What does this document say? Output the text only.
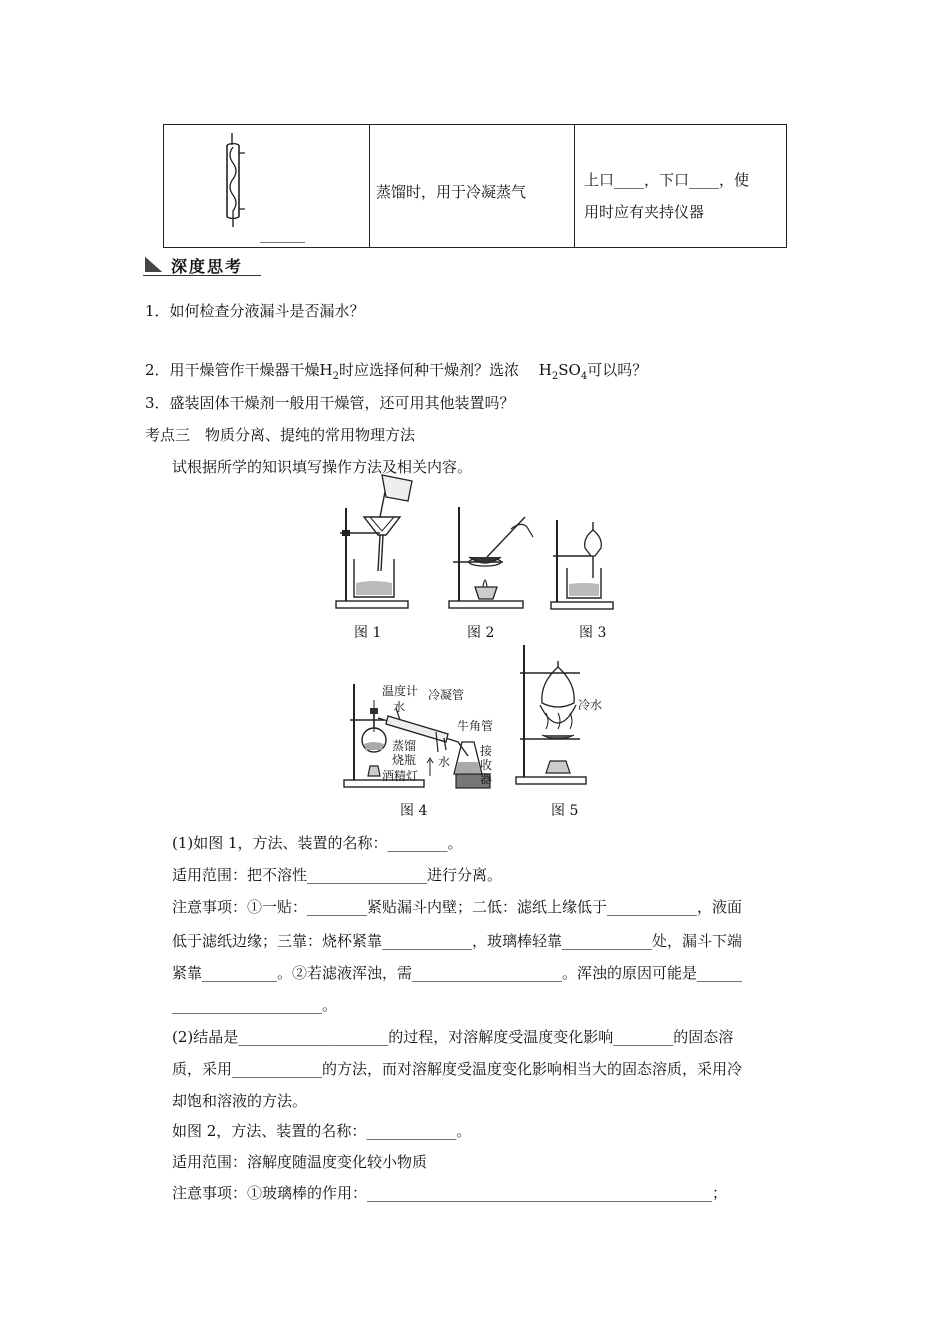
______
蒸馏时，用于冷凝蒸气
上口____，下口____，使
用时应有夹持仪器
深度思考
1．如何检查分液漏斗是否漏水？
2．用干燥管作干燥器干燥$H_2$时应选择何种干燥剂？选浓　 $H_2SO_4$可以吗？
3．盛装固体干燥剂一般用干燥管，还可用其他装置吗？
考点三　物质分离、提纯的常用物理方法
试根据所学的知识填写操作方法及相关内容。
图 1	图 2	图 3
温度计
水
冷凝管
牛角管
蒸馏
烧瓶 水
接
收
器
酒精灯
图 4
冷水
图 5
(1)如图 1，方法、装置的名称：________。
适用范围：把不溶性________________进行分离。
注意事项：①一贴：________紧贴漏斗内壁；二低：滤纸上缘低于____________，液面
低于滤纸边缘；三靠：烧杯紧靠____________，玻璃棒轻靠____________处，漏斗下端
紧靠__________。②若滤液浑浊，需____________________。浑浊的原因可能是______
____________________。
(2)结晶是____________________的过程，对溶解度受温度变化影响________的固态溶
质，采用____________的方法，而对溶解度受温度变化影响相当大的固态溶质，采用冷
却饱和溶液的方法。
如图 2，方法、装置的名称：____________。
适用范围：溶解度随温度变化较小物质
注意事项：①玻璃棒的作用：______________________________________________；
